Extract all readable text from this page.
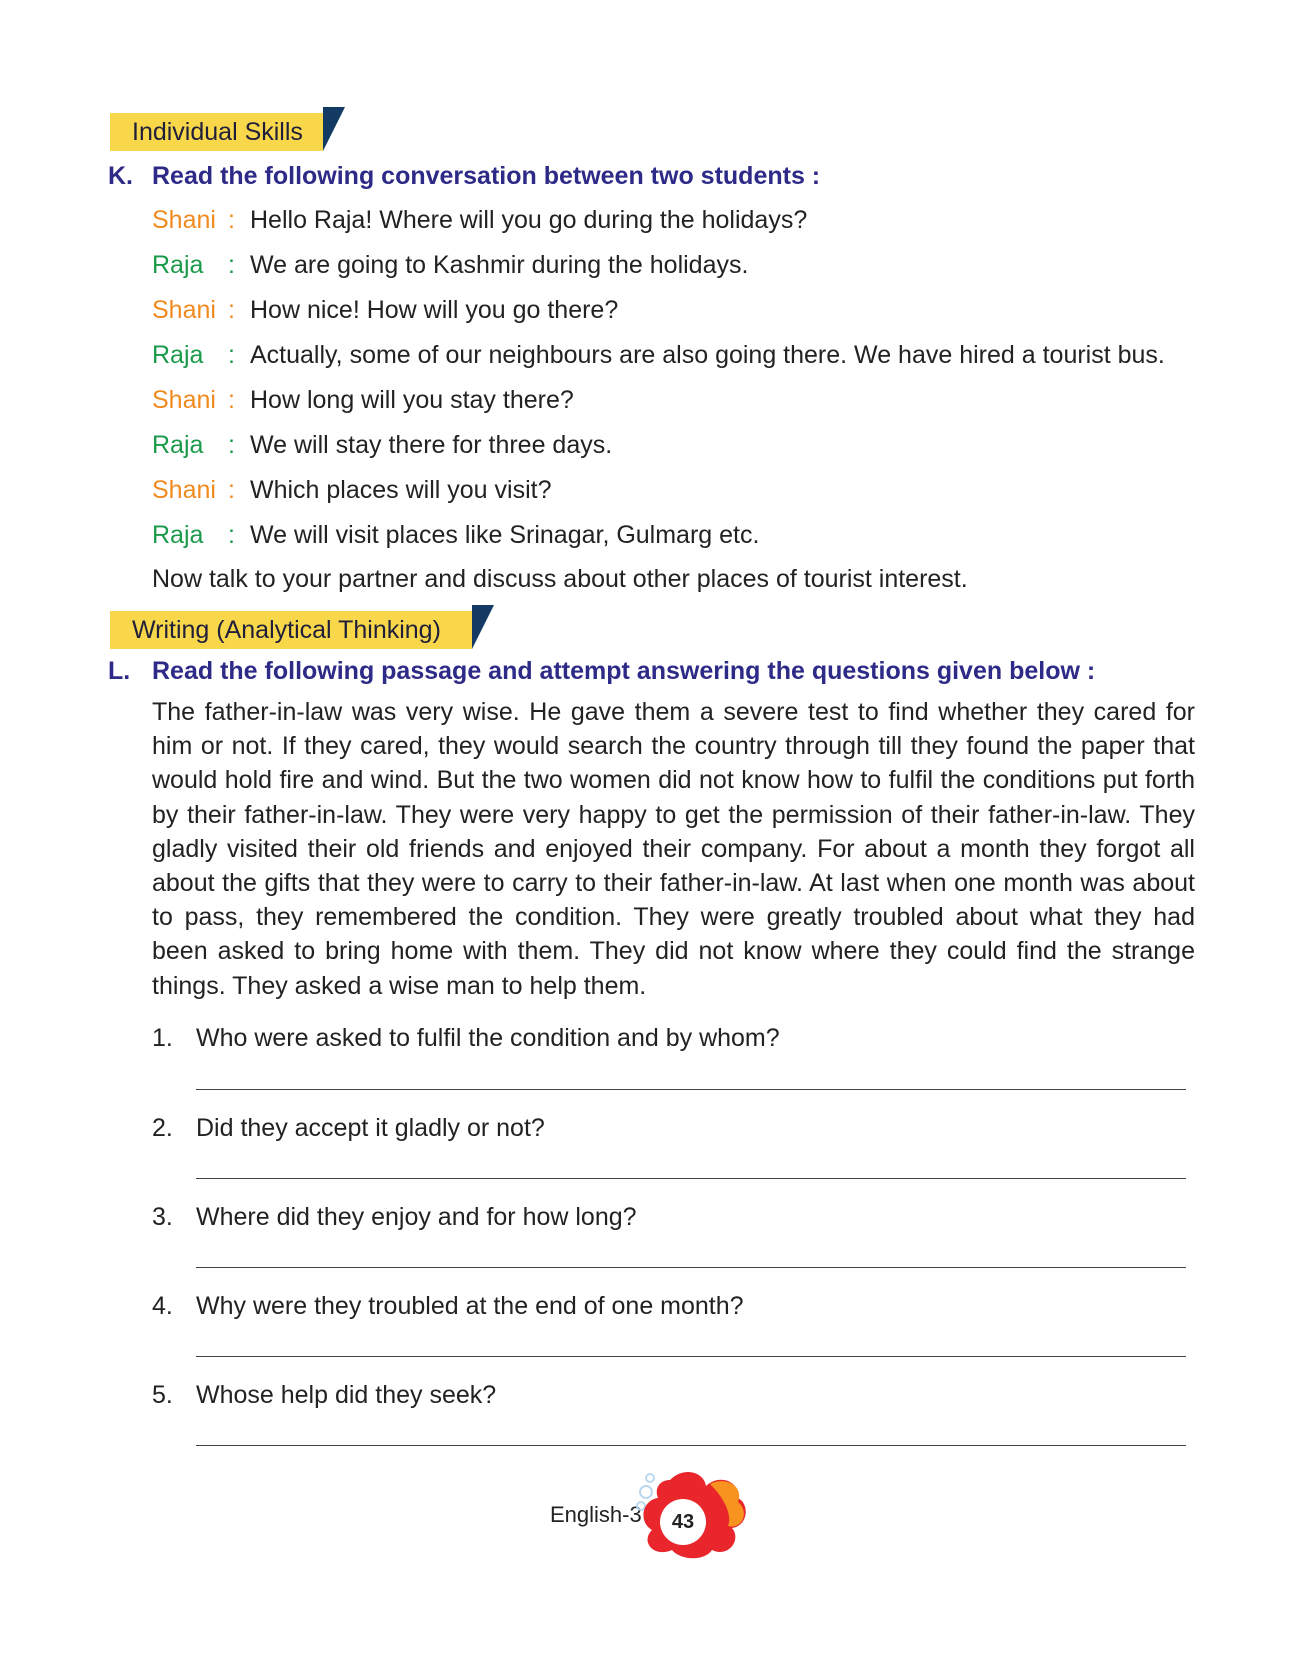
Individual Skills
K. Read the following conversation between two students :
Shani : Hello Raja! Where will you go during the holidays?
Raja : We are going to Kashmir during the holidays.
Shani : How nice! How will you go there?
Raja : Actually, some of our neighbours are also going there. We have hired a tourist bus.
Shani : How long will you stay there?
Raja : We will stay there for three days.
Shani : Which places will you visit?
Raja : We will visit places like Srinagar, Gulmarg etc.
Now talk to your partner and discuss about other places of tourist interest.
Writing (Analytical Thinking)
L. Read the following passage and attempt answering the questions given below :
The father-in-law was very wise. He gave them a severe test to find whether they cared for him or not. If they cared, they would search the country through till they found the paper that would hold fire and wind. But the two women did not know how to fulfil the conditions put forth by their father-in-law. They were very happy to get the permission of their father-in-law. They gladly visited their old friends and enjoyed their company. For about a month they forgot all about the gifts that they were to carry to their father-in-law. At last when one month was about to pass, they remembered the condition. They were greatly troubled about what they had been asked to bring home with them. They did not know where they could find the strange things. They asked a wise man to help them.
1. Who were asked to fulfil the condition and by whom?
2. Did they accept it gladly or not?
3. Where did they enjoy and for how long?
4. Why were they troubled at the end of one month?
5. Whose help did they seek?
English-3	43
